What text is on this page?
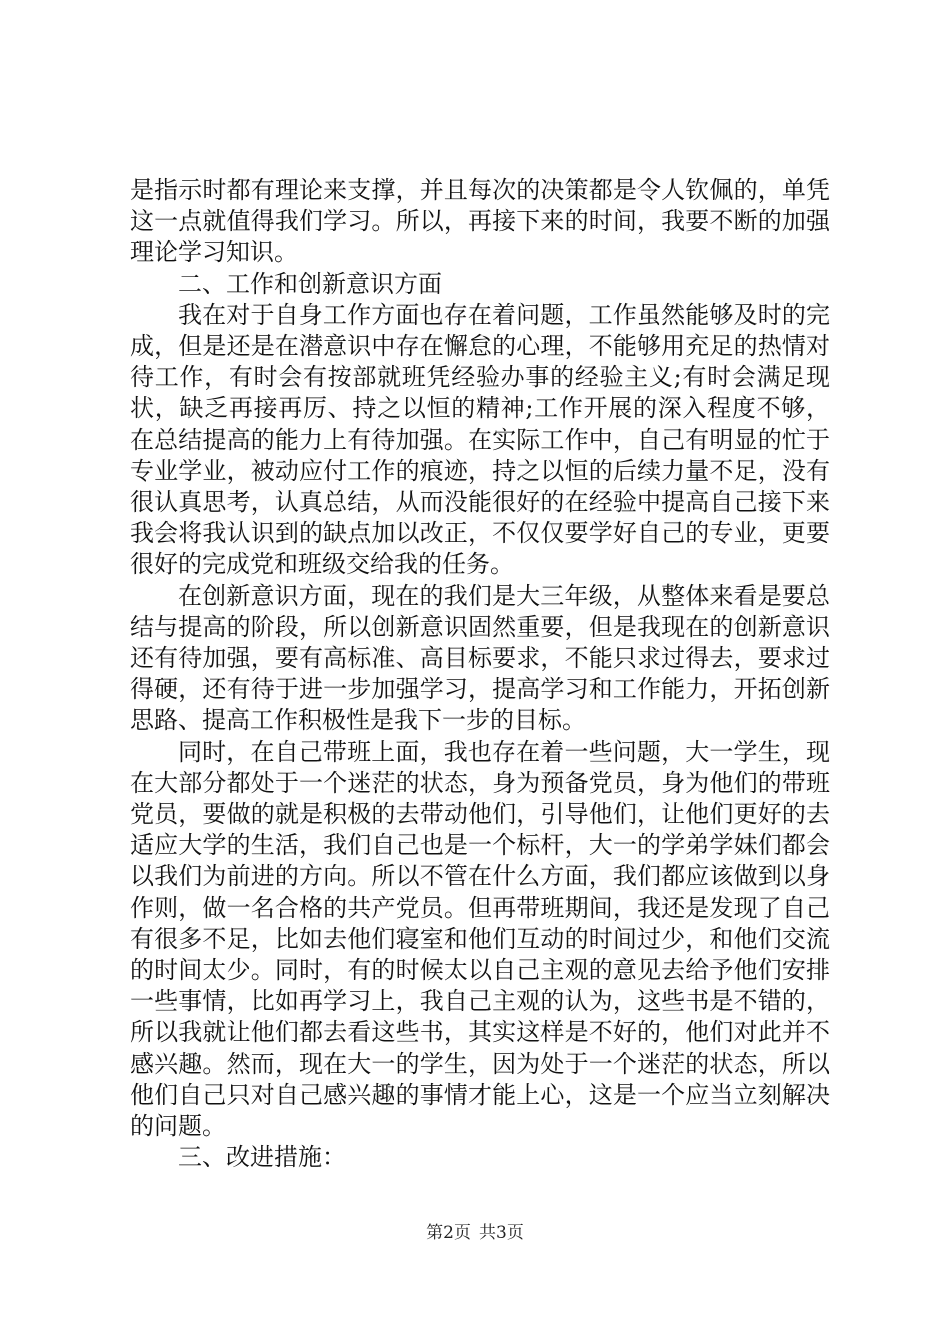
是指示时都有理论来支撑，并且每次的决策都是令人钦佩的，单凭这一点就值得我们学习。所以，再接下来的时间，我要不断的加强理论学习知识。

二、工作和创新意识方面

我在对于自身工作方面也存在着问题，工作虽然能够及时的完成，但是还是在潜意识中存在懈怠的心理，不能够用充足的热情对待工作，有时会有按部就班凭经验办事的经验主义;有时会满足现状，缺乏再接再厉、持之以恒的精神;工作开展的深入程度不够，在总结提高的能力上有待加强。在实际工作中，自己有明显的忙于专业学业，被动应付工作的痕迹，持之以恒的后续力量不足，没有很认真思考，认真总结，从而没能很好的在经验中提高自己接下来我会将我认识到的缺点加以改正，不仅仅要学好自己的专业，更要很好的完成党和班级交给我的任务。

在创新意识方面，现在的我们是大三年级，从整体来看是要总结与提高的阶段，所以创新意识固然重要，但是我现在的创新意识还有待加强，要有高标准、高目标要求，不能只求过得去，要求过得硬，还有待于进一步加强学习，提高学习和工作能力，开拓创新思路、提高工作积极性是我下一步的目标。

同时，在自己带班上面，我也存在着一些问题，大一学生，现在大部分都处于一个迷茫的状态，身为预备党员，身为他们的带班党员，要做的就是积极的去带动他们，引导他们，让他们更好的去适应大学的生活，我们自己也是一个标杆，大一的学弟学妹们都会以我们为前进的方向。所以不管在什么方面，我们都应该做到以身作则，做一名合格的共产党员。但再带班期间，我还是发现了自己有很多不足，比如去他们寝室和他们互动的时间过少，和他们交流的时间太少。同时，有的时候太以自己主观的意见去给予他们安排一些事情，比如再学习上，我自己主观的认为，这些书是不错的，所以我就让他们都去看这些书，其实这样是不好的，他们对此并不感兴趣。然而，现在大一的学生，因为处于一个迷茫的状态，所以他们自己只对自己感兴趣的事情才能上心，这是一个应当立刻解决的问题。

三、改进措施：

第2页 共3页
